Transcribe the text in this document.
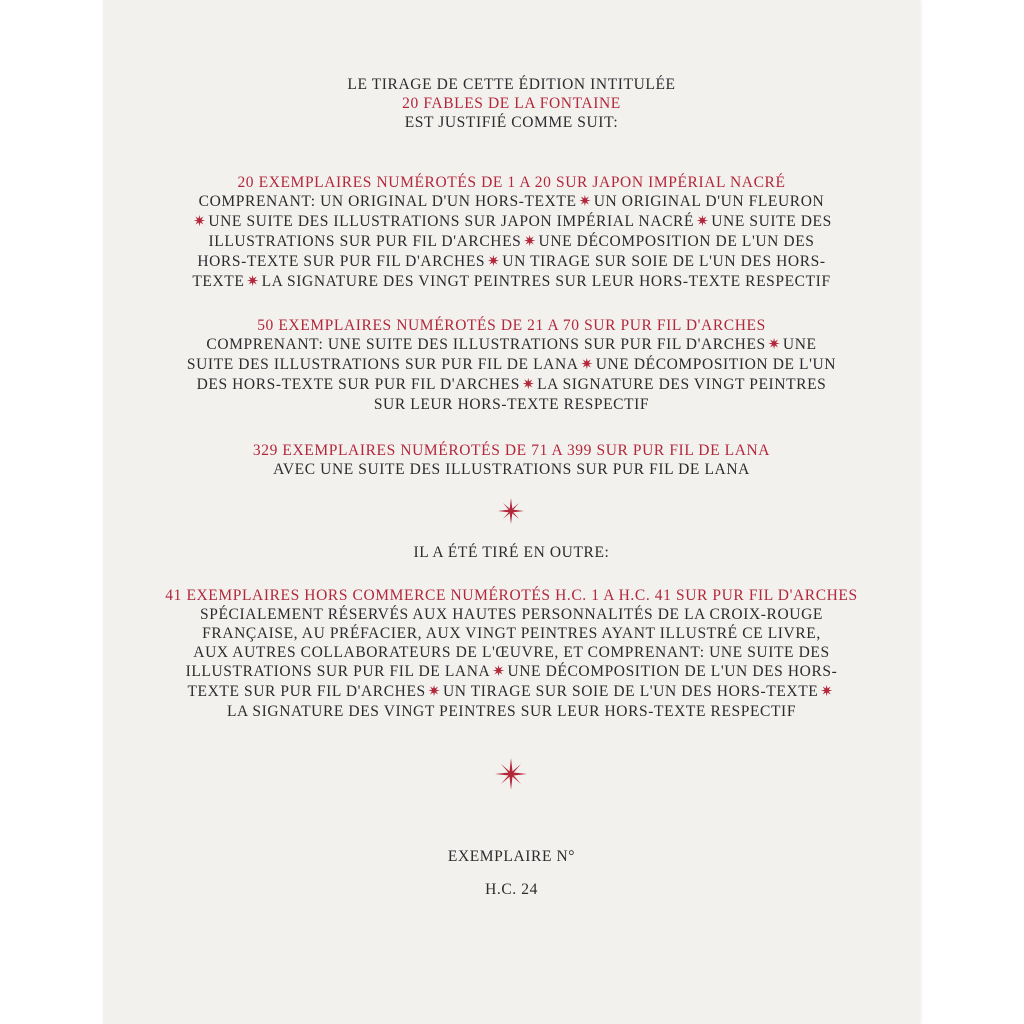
LE TIRAGE DE CETTE ÉDITION INTITULÉE
20 FABLES DE LA FONTAINE
EST JUSTIFIÉ COMME SUIT:
20 EXEMPLAIRES NUMÉROTÉS DE 1 A 20 SUR JAPON IMPÉRIAL NACRÉ
COMPRENANT: UN ORIGINAL D'UN HORS-TEXTE ✷ UN ORIGINAL D'UN FLEURON
✷ UNE SUITE DES ILLUSTRATIONS SUR JAPON IMPÉRIAL NACRÉ ✷ UNE SUITE DES
ILLUSTRATIONS SUR PUR FIL D'ARCHES ✷ UNE DÉCOMPOSITION DE L'UN DES
HORS-TEXTE SUR PUR FIL D'ARCHES ✷ UN TIRAGE SUR SOIE DE L'UN DES HORS-
TEXTE ✷ LA SIGNATURE DES VINGT PEINTRES SUR LEUR HORS-TEXTE RESPECTIF
50 EXEMPLAIRES NUMÉROTÉS DE 21 A 70 SUR PUR FIL D'ARCHES
COMPRENANT: UNE SUITE DES ILLUSTRATIONS SUR PUR FIL D'ARCHES ✷ UNE
SUITE DES ILLUSTRATIONS SUR PUR FIL DE LANA ✷ UNE DÉCOMPOSITION DE L'UN
DES HORS-TEXTE SUR PUR FIL D'ARCHES ✷ LA SIGNATURE DES VINGT PEINTRES
SUR LEUR HORS-TEXTE RESPECTIF
329 EXEMPLAIRES NUMÉROTÉS DE 71 A 399 SUR PUR FIL DE LANA
AVEC UNE SUITE DES ILLUSTRATIONS SUR PUR FIL DE LANA
IL A ÉTÉ TIRÉ EN OUTRE:
41 EXEMPLAIRES HORS COMMERCE NUMÉROTÉS H.C. 1 A H.C. 41 SUR PUR FIL D'ARCHES
SPÉCIALEMENT RÉSERVÉS AUX HAUTES PERSONNALITÉS DE LA CROIX-ROUGE
FRANÇAISE, AU PRÉFACIER, AUX VINGT PEINTRES AYANT ILLUSTRÉ CE LIVRE,
AUX AUTRES COLLABORATEURS DE L'ŒUVRE, ET COMPRENANT: UNE SUITE DES
ILLUSTRATIONS SUR PUR FIL DE LANA ✷ UNE DÉCOMPOSITION DE L'UN DES HORS-
TEXTE SUR PUR FIL D'ARCHES ✷ UN TIRAGE SUR SOIE DE L'UN DES HORS-TEXTE ✷
LA SIGNATURE DES VINGT PEINTRES SUR LEUR HORS-TEXTE RESPECTIF
EXEMPLAIRE N°
H.C. 24
